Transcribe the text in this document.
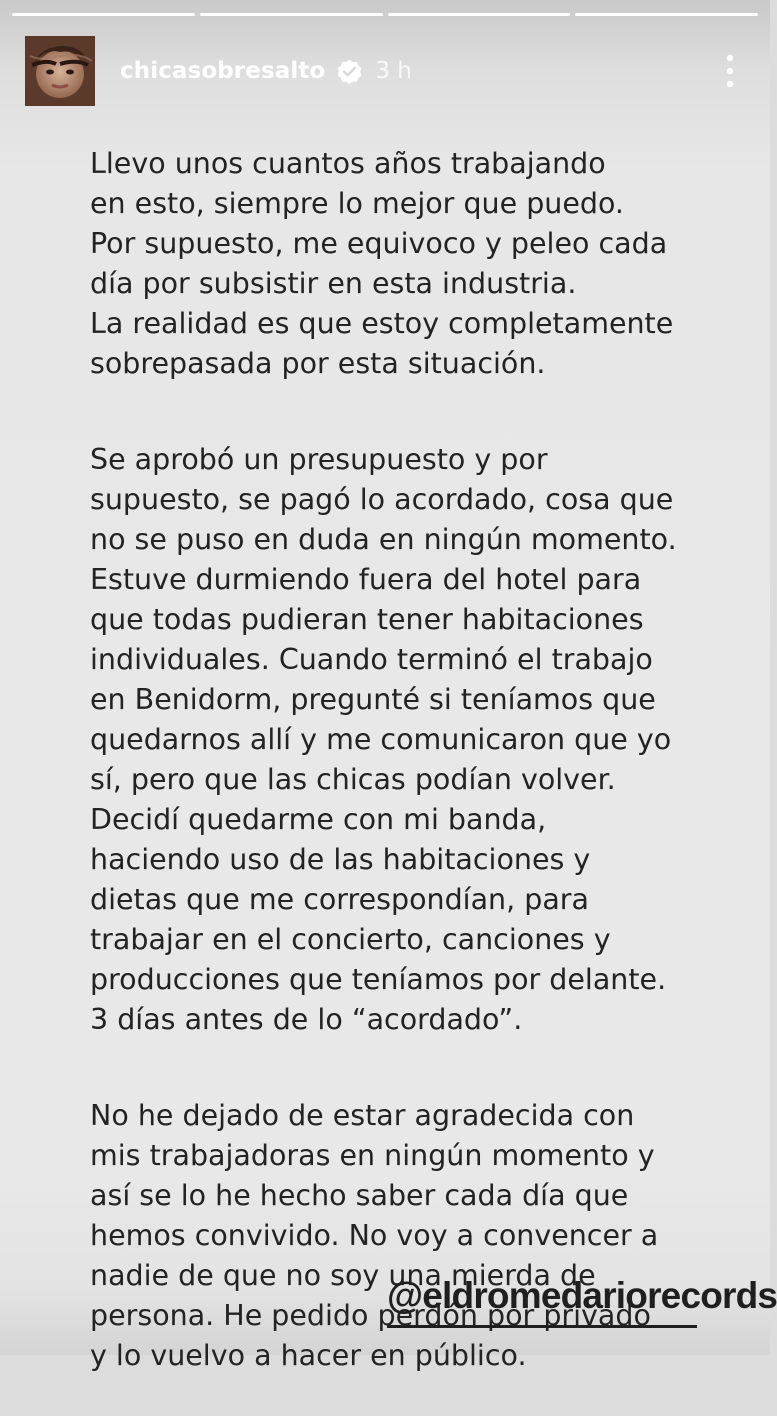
chicasobresalto 3 h

Llevo unos cuantos años trabajando
en esto, siempre lo mejor que puedo.
Por supuesto, me equivoco y peleo cada
día por subsistir en esta industria.
La realidad es que estoy completamente
sobrepasada por esta situación.

Se aprobó un presupuesto y por
supuesto, se pagó lo acordado, cosa que
no se puso en duda en ningún momento.
Estuve durmiendo fuera del hotel para
que todas pudieran tener habitaciones
individuales. Cuando terminó el trabajo
en Benidorm, pregunté si teníamos que
quedarnos allí y me comunicaron que yo
sí, pero que las chicas podían volver.
Decidí quedarme con mi banda,
haciendo uso de las habitaciones y
dietas que me correspondían, para
trabajar en el concierto, canciones y
producciones que teníamos por delante.
3 días antes de lo “acordado”.

No he dejado de estar agradecida con
mis trabajadoras en ningún momento y
así se lo he hecho saber cada día que
hemos convivido. No voy a convencer a
nadie de que no soy una mierda de
persona. He pedido perdón por privado
y lo vuelvo a hacer en público.

@eldromedariorecords
